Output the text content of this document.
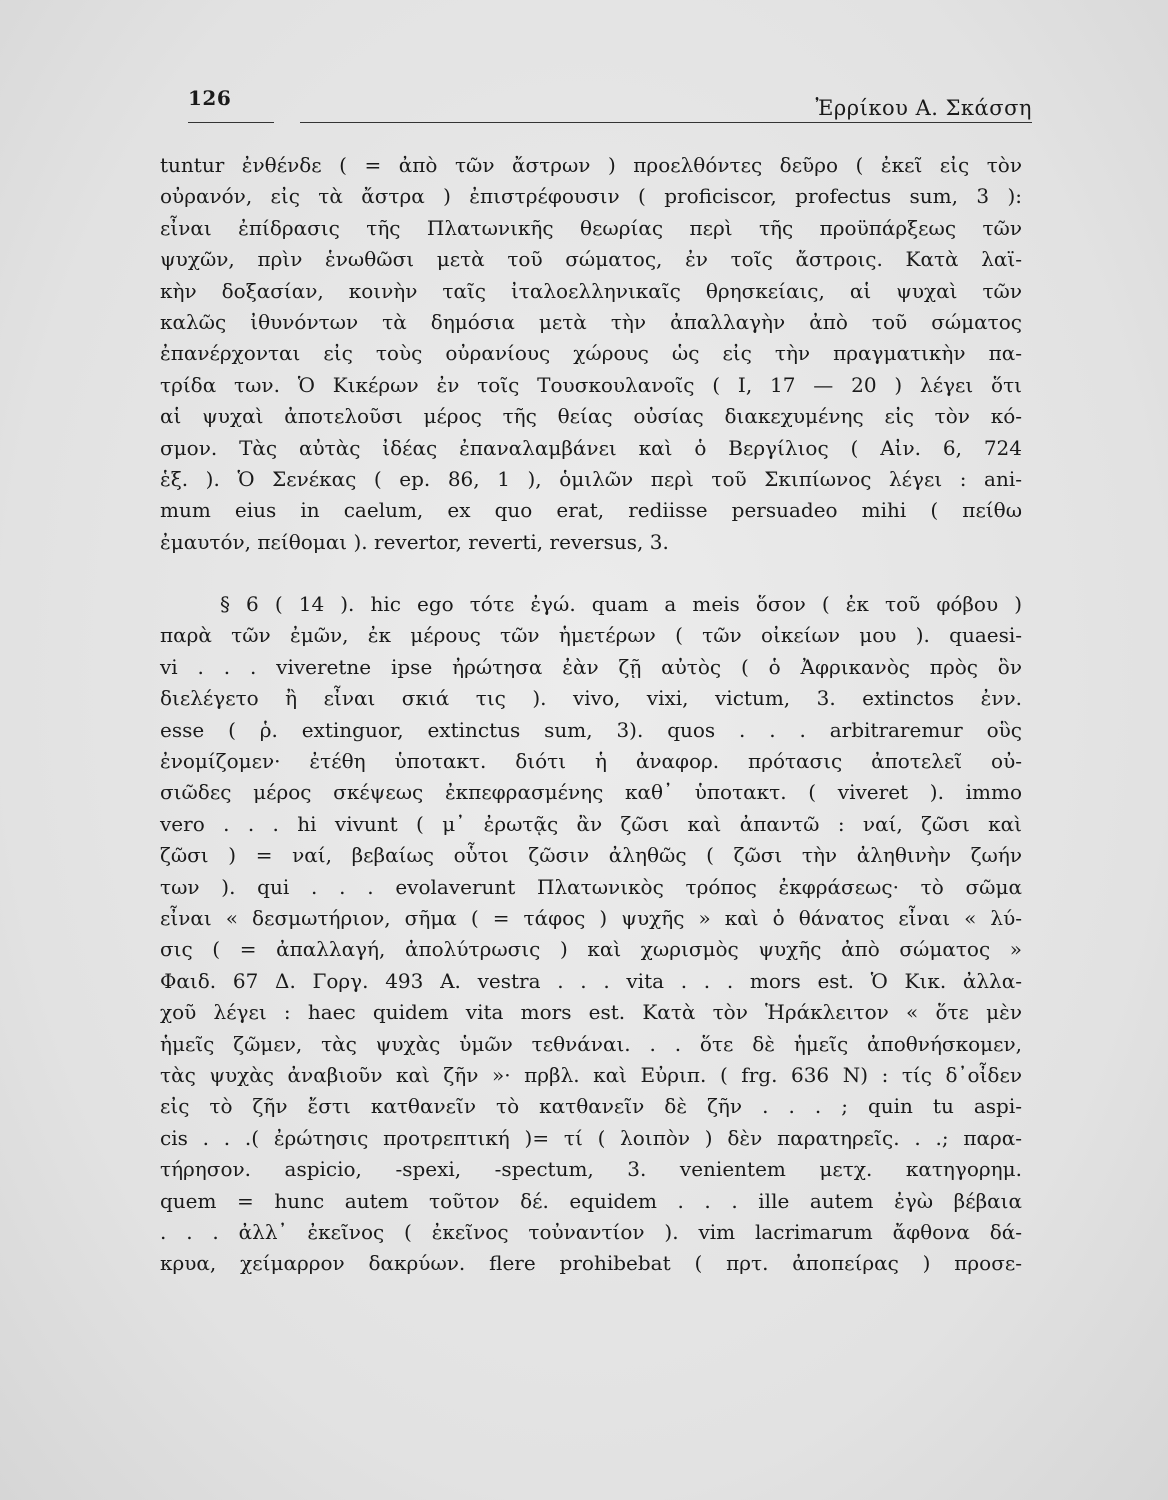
126	Ἐρρίκου Α. Σκάσση
tuntur ἐνθένδε ( = ἀπὸ τῶν ἄστρων ) προελθόντες δεῦρο ( ἐκεῖ εἰς τὸν
οὐρανόν, εἰς τὰ ἄστρα ) ἐπιστρέφουσιν ( proficiscor, profectus sum, 3 ):
εἶναι ἐπίδρασις τῆς Πλατωνικῆς θεωρίας περὶ τῆς προϋπάρξεως τῶν
ψυχῶν, πρὶν ἑνωθῶσι μετὰ τοῦ σώματος, ἐν τοῖς ἄστροις. Κατὰ λαϊ-
κὴν δοξασίαν, κοινὴν ταῖς ἰταλοελληνικαῖς θρησκείαις, αἱ ψυχαὶ τῶν
καλῶς ἰθυνόντων τὰ δημόσια μετὰ τὴν ἀπαλλαγὴν ἀπὸ τοῦ σώματος
ἐπανέρχονται εἰς τοὺς οὐρανίους χώρους ὡς εἰς τὴν πραγματικὴν πα-
τρίδα των. Ὁ Κικέρων ἐν τοῖς Τουσκουλανοῖς ( I, 17 — 20 ) λέγει ὅτι
αἱ ψυχαὶ ἀποτελοῦσι μέρος τῆς θείας οὐσίας διακεχυμένης εἰς τὸν κό-
σμον. Τὰς αὐτὰς ἰδέας ἐπαναλαμβάνει καὶ ὁ Βεργίλιος ( Αἰν. 6, 724
ἑξ. ). Ὁ Σενέκας ( ep. 86, 1 ), ὁμιλῶν περὶ τοῦ Σκιπίωνος λέγει : ani-
mum eius in caelum, ex quo erat, rediisse persuadeo mihi ( πείθω
ἐμαυτόν, πείθομαι ). revertor, reverti, reversus, 3.
§ 6 ( 14 ). hic ego τότε ἐγώ. quam a meis ὅσον ( ἐκ τοῦ φόβου )
παρὰ τῶν ἐμῶν, ἐκ μέρους τῶν ἡμετέρων ( τῶν οἰκείων μου ). quaesi-
vi . . . viveretne ipse ἠρώτησα ἐὰν ζῇ αὐτὸς ( ὁ Ἀφρικανὸς πρὸς ὃν
διελέγετο ἢ εἶναι σκιά τις ). vivo, vixi, victum, 3. extinctos ἐνν.
esse ( ῥ. extinguor, extinctus sum, 3). quos . . . arbitraremur οὓς
ἐνομίζομεν· ἐτέθη ὑποτακτ. διότι ἡ ἀναφορ. πρότασις ἀποτελεῖ οὐ-
σιῶδες μέρος σκέψεως ἐκπεφρασμένης καθ᾽ ὑποτακτ. ( viveret ). immo
vero . . . hi vivunt ( μ᾽ ἐρωτᾷς ἂν ζῶσι καὶ ἀπαντῶ : ναί, ζῶσι καὶ
ζῶσι ) = ναί, βεβαίως οὗτοι ζῶσιν ἀληθῶς ( ζῶσι τὴν ἀληθινὴν ζωήν
των ). qui . . . evolaverunt Πλατωνικὸς τρόπος ἐκφράσεως· τὸ σῶμα
εἶναι « δεσμωτήριον, σῆμα ( = τάφος ) ψυχῆς » καὶ ὁ θάνατος εἶναι « λύ-
σις ( = ἀπαλλαγή, ἀπολύτρωσις ) καὶ χωρισμὸς ψυχῆς ἀπὸ σώματος »
Φαιδ. 67 Δ. Γοργ. 493 Α. vestra . . . vita . . . mors est. Ὁ Κικ. ἀλλα-
χοῦ λέγει : haec quidem vita mors est. Κατὰ τὸν Ἡράκλειτον « ὅτε μὲν
ἡμεῖς ζῶμεν, τὰς ψυχὰς ὑμῶν τεθνάναι. . . ὅτε δὲ ἡμεῖς ἀποθνήσκομεν,
τὰς ψυχὰς ἀναβιοῦν καὶ ζῆν »· πρβλ. καὶ Εὐριπ. ( frg. 636 N) : τίς δ᾽οἶδεν
εἰς τὸ ζῆν ἔστι κατθανεῖν τὸ κατθανεῖν δὲ ζῆν . . . ; quin tu aspi-
cis . . .( ἐρώτησις προτρεπτική )= τί ( λοιπὸν ) δὲν παρατηρεῖς. . .; παρα-
τήρησον. aspicio, -spexi, -spectum, 3. venientem μετχ. κατηγορημ.
quem = hunc autem τοῦτον δέ. equidem . . . ille autem ἐγὼ βέβαια
. . . ἀλλ᾽ ἐκεῖνος ( ἐκεῖνος τοὐναντίον ). vim lacrimarum ἄφθονα δά-
κρυα, χείμαρρον δακρύων. flere prohibebat ( πρτ. ἀποπείρας ) προσε-
